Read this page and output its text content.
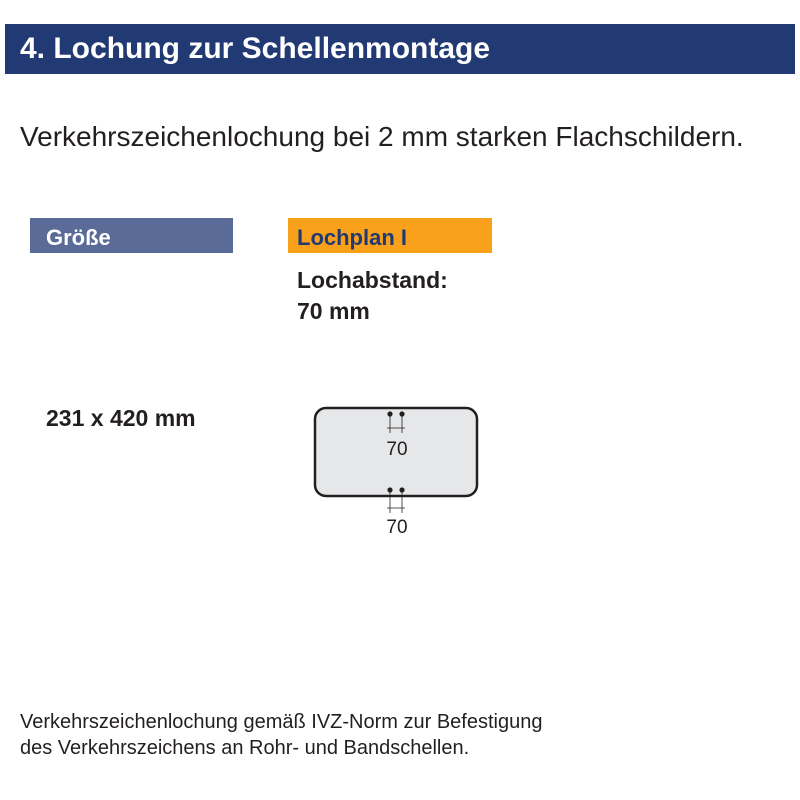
4. Lochung zur Schellenmontage
Verkehrszeichenlochung bei 2 mm starken Flachschildern.
Größe	Lochplan I
Lochabstand:
70 mm
231 x 420 mm
70
70
Verkehrszeichenlochung gemäß IVZ-Norm zur Befestigung
des Verkehrszeichens an Rohr- und Bandschellen.
